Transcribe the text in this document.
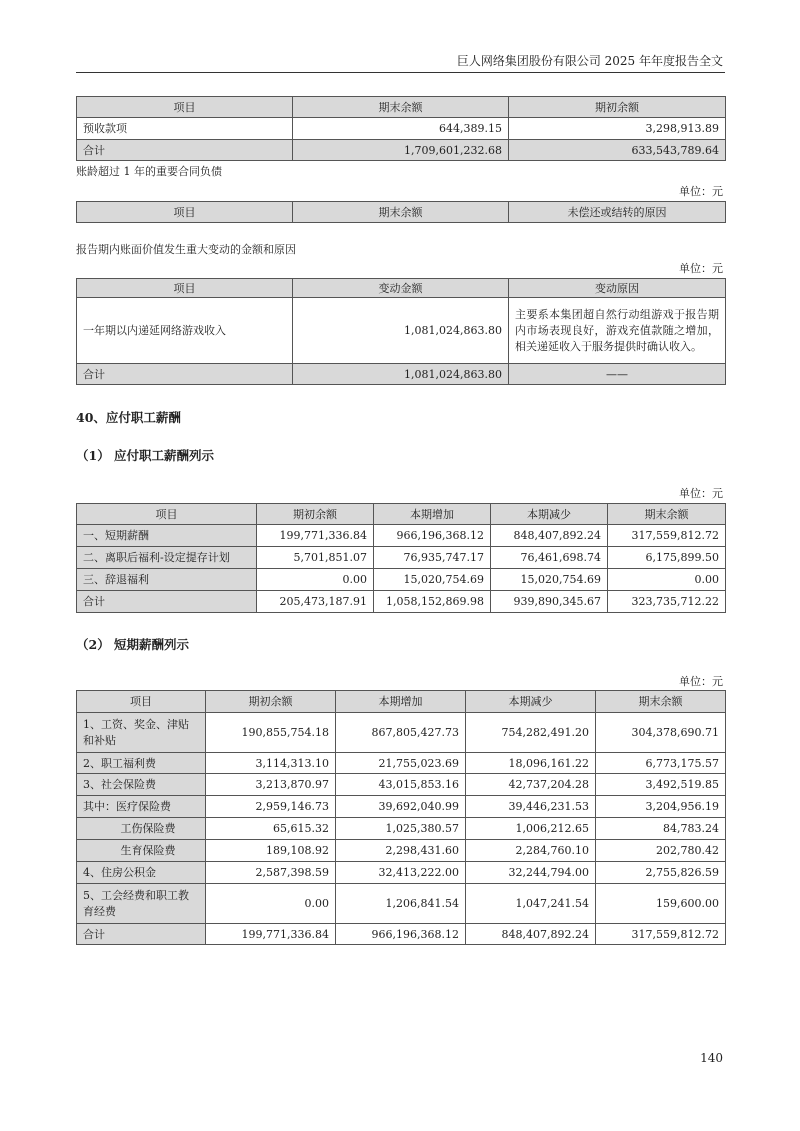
巨人网络集团股份有限公司 2025 年年度报告全文
项目	期末余额	期初余额
预收款项	644,389.15	3,298,913.89
合计	1,709,601,232.68	633,543,789.64
账龄超过 1 年的重要合同负债
单位：元
项目	期末余额	未偿还或结转的原因
报告期内账面价值发生重大变动的金额和原因
单位：元
项目	变动金额	变动原因
一年期以内递延网络游戏收入	1,081,024,863.80	主要系本集团超自然行动组游戏于报告期内市场表现良好，游戏充值款随之增加，相关递延收入于服务提供时确认收入。
合计	1,081,024,863.80	——
40、应付职工薪酬
（1） 应付职工薪酬列示
单位：元
项目	期初余额	本期增加	本期减少	期末余额
一、短期薪酬	199,771,336.84	966,196,368.12	848,407,892.24	317,559,812.72
二、离职后福利-设定提存计划	5,701,851.07	76,935,747.17	76,461,698.74	6,175,899.50
三、辞退福利	0.00	15,020,754.69	15,020,754.69	0.00
合计	205,473,187.91	1,058,152,869.98	939,890,345.67	323,735,712.22
（2） 短期薪酬列示
单位：元
项目	期初余额	本期增加	本期减少	期末余额
1、工资、奖金、津贴和补贴	190,855,754.18	867,805,427.73	754,282,491.20	304,378,690.71
2、职工福利费	3,114,313.10	21,755,023.69	18,096,161.22	6,773,175.57
3、社会保险费	3,213,870.97	43,015,853.16	42,737,204.28	3,492,519.85
其中：医疗保险费	2,959,146.73	39,692,040.99	39,446,231.53	3,204,956.19
工伤保险费	65,615.32	1,025,380.57	1,006,212.65	84,783.24
生育保险费	189,108.92	2,298,431.60	2,284,760.10	202,780.42
4、住房公积金	2,587,398.59	32,413,222.00	32,244,794.00	2,755,826.59
5、工会经费和职工教育经费	0.00	1,206,841.54	1,047,241.54	159,600.00
合计	199,771,336.84	966,196,368.12	848,407,892.24	317,559,812.72
140
